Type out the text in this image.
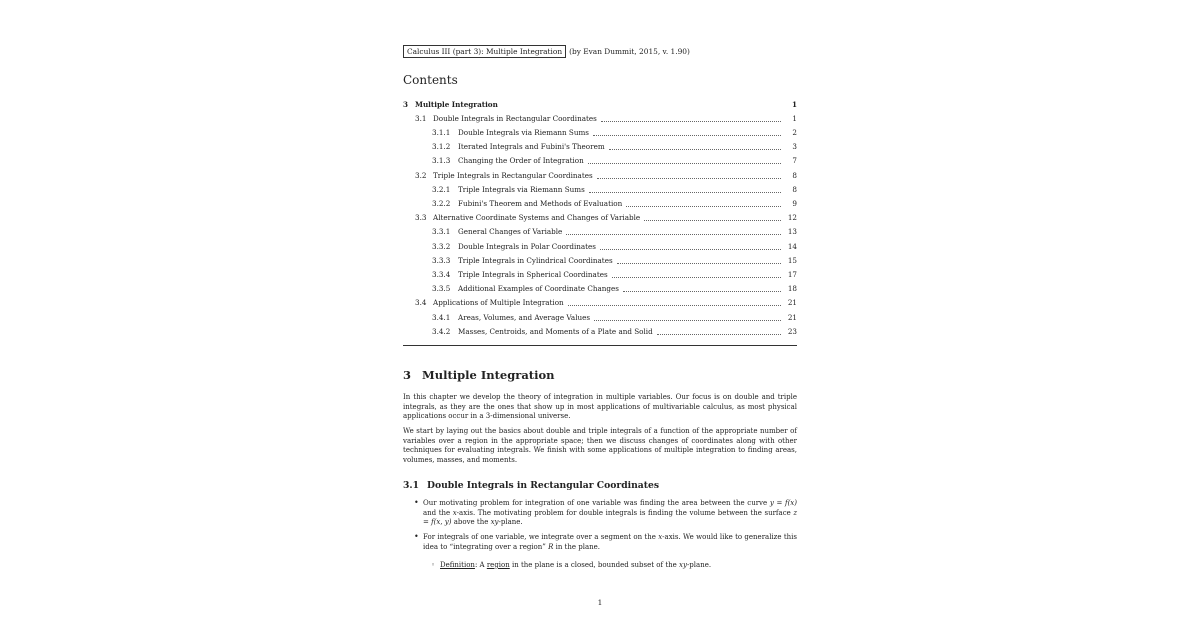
Calculus III (part 3): Multiple Integration (by Evan Dummit, 2015, v. 1.90)
Contents
3 Multiple Integration	1
3.1 Double Integrals in Rectangular Coordinates	1
3.1.1	Double Integrals via Riemann Sums	2
3.1.2	Iterated Integrals and Fubini's Theorem	3
3.1.3	Changing the Order of Integration	7
3.2 Triple Integrals in Rectangular Coordinates	8
3.2.1	Triple Integrals via Riemann Sums	8
3.2.2	Fubini's Theorem and Methods of Evaluation	9
3.3 Alternative Coordinate Systems and Changes of Variable	12
3.3.1	General Changes of Variable	13
3.3.2	Double Integrals in Polar Coordinates	14
3.3.3	Triple Integrals in Cylindrical Coordinates	15
3.3.4	Triple Integrals in Spherical Coordinates	17
3.3.5	Additional Examples of Coordinate Changes	18
3.4 Applications of Multiple Integration	21
3.4.1	Areas, Volumes, and Average Values	21
3.4.2	Masses, Centroids, and Moments of a Plate and Solid	23
3 Multiple Integration
In this chapter we develop the theory of integration in multiple variables. Our focus is on double and triple integrals, as they are the ones that show up in most applications of multivariable calculus, as most physical applications occur in a 3-dimensional universe.
We start by laying out the basics about double and triple integrals of a function of the appropriate number of variables over a region in the appropriate space; then we discuss changes of coordinates along with other techniques for evaluating integrals. We finish with some applications of multiple integration to finding areas, volumes, masses, and moments.
3.1 Double Integrals in Rectangular Coordinates
• Our motivating problem for integration of one variable was finding the area between the curve y = f(x) and the x-axis. The motivating problem for double integrals is finding the volume between the surface z = f(x, y) above the xy-plane.
• For integrals of one variable, we integrate over a segment on the x-axis. We would like to generalize this idea to “integrating over a region” R in the plane.
◦ Definition: A region in the plane is a closed, bounded subset of the xy-plane.
1
